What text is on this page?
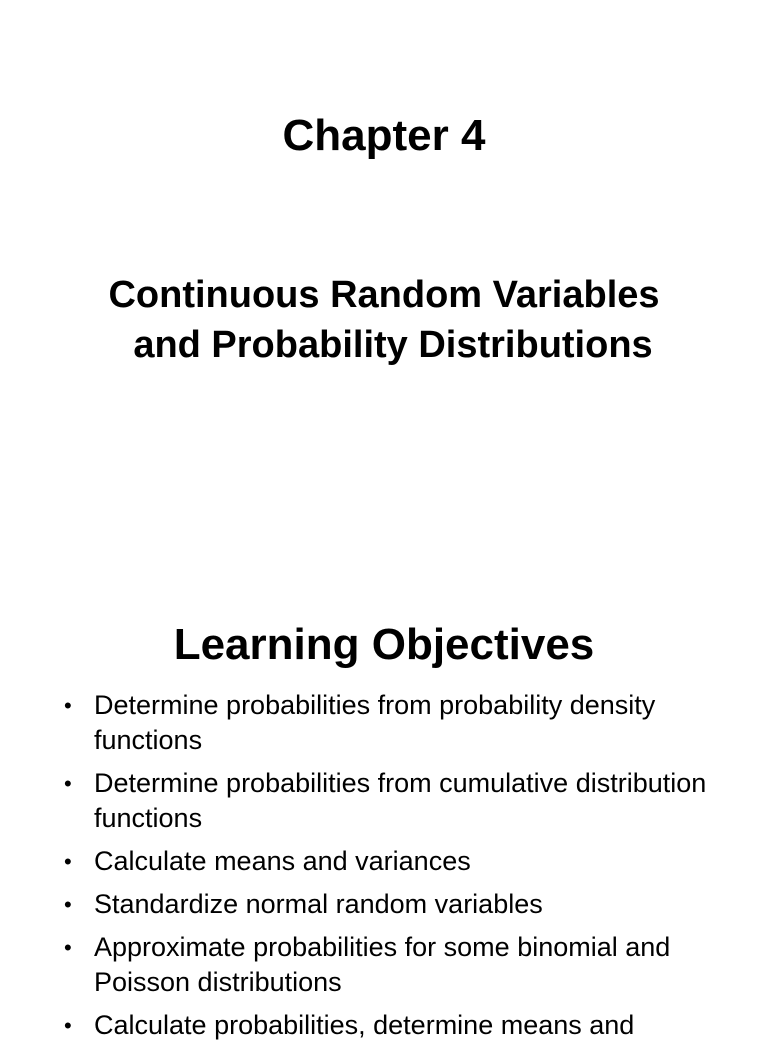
Chapter 4
Continuous Random Variables
and Probability Distributions
Learning Objectives
• Determine probabilities from probability density functions
• Determine probabilities from cumulative distribution functions
• Calculate means and variances
• Standardize normal random variables
• Approximate probabilities for some binomial and Poisson distributions
• Calculate probabilities, determine means and
